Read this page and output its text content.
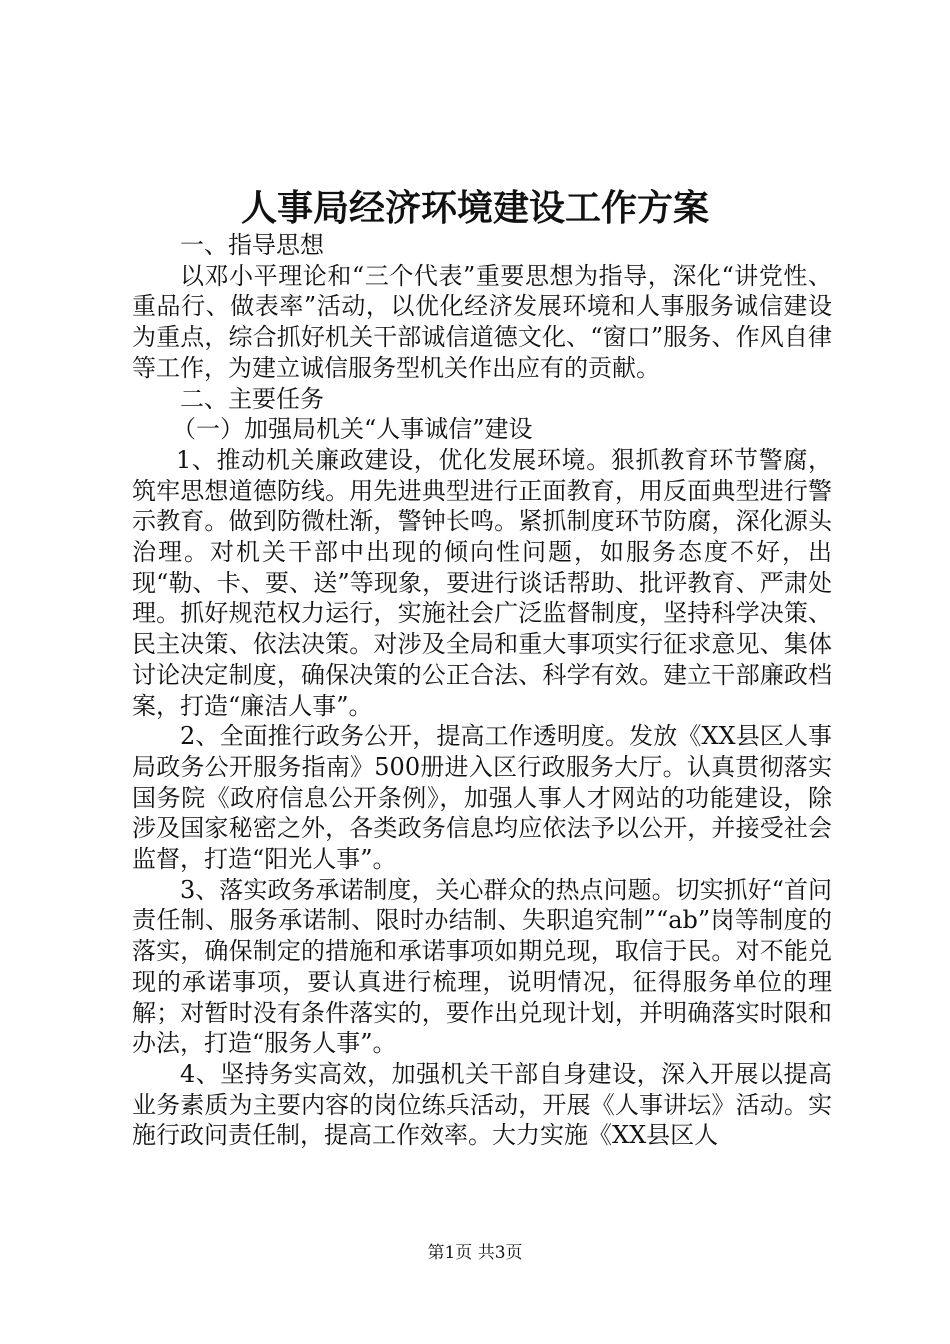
人事局经济环境建设工作方案

一、指导思想

以邓小平理论和“三个代表”重要思想为指导，深化“讲党性、重品行、做表率”活动，以优化经济发展环境和人事服务诚信建设为重点，综合抓好机关干部诚信道德文化、“窗口”服务、作风自律等工作，为建立诚信服务型机关作出应有的贡献。

二、主要任务

（一）加强局机关“人事诚信”建设

1、推动机关廉政建设，优化发展环境。狠抓教育环节警腐，筑牢思想道德防线。用先进典型进行正面教育，用反面典型进行警示教育。做到防微杜渐，警钟长鸣。紧抓制度环节防腐，深化源头治理。对机关干部中出现的倾向性问题，如服务态度不好，出现“勒、卡、要、送”等现象，要进行谈话帮助、批评教育、严肃处理。抓好规范权力运行，实施社会广泛监督制度，坚持科学决策、民主决策、依法决策。对涉及全局和重大事项实行征求意见、集体讨论决定制度，确保决策的公正合法、科学有效。建立干部廉政档案，打造“廉洁人事”。

2、全面推行政务公开，提高工作透明度。发放《XX县区人事局政务公开服务指南》500册进入区行政服务大厅。认真贯彻落实国务院《政府信息公开条例》，加强人事人才网站的功能建设，除涉及国家秘密之外，各类政务信息均应依法予以公开，并接受社会监督，打造“阳光人事”。

3、落实政务承诺制度，关心群众的热点问题。切实抓好“首问责任制、服务承诺制、限时办结制、失职追究制”“ab”岗等制度的落实，确保制定的措施和承诺事项如期兑现，取信于民。对不能兑现的承诺事项，要认真进行梳理，说明情况，征得服务单位的理解；对暂时没有条件落实的，要作出兑现计划，并明确落实时限和办法，打造“服务人事”。

4、坚持务实高效，加强机关干部自身建设，深入开展以提高业务素质为主要内容的岗位练兵活动，开展《人事讲坛》活动。实施行政问责任制，提高工作效率。大力实施《XX县区人

第1页 共3页
